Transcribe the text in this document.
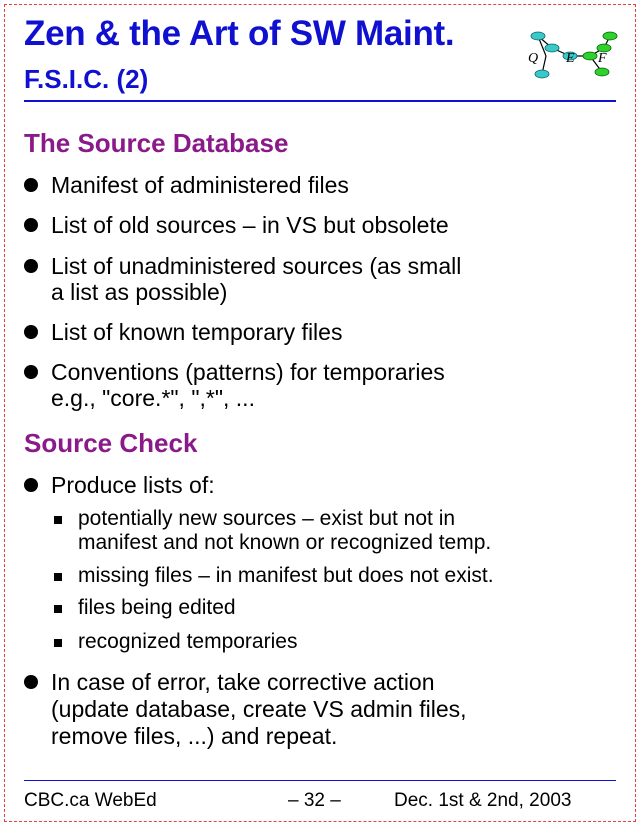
Zen & the Art of SW Maint.
F.S.I.C. (2)
Q E F
The Source Database
Manifest of administered files
List of old sources – in VS but obsolete
List of unadministered sources (as small
a list as possible)
List of known temporary files
Conventions (patterns) for temporaries
e.g., "core.*", ",*", ...
Source Check
Produce lists of:
potentially new sources – exist but not in
manifest and not known or recognized temp.
missing files – in manifest but does not exist.
files being edited
recognized temporaries
In case of error, take corrective action
(update database, create VS admin files,
remove files, ...) and repeat.
CBC.ca WebEd	– 32 –	Dec. 1st & 2nd, 2003
